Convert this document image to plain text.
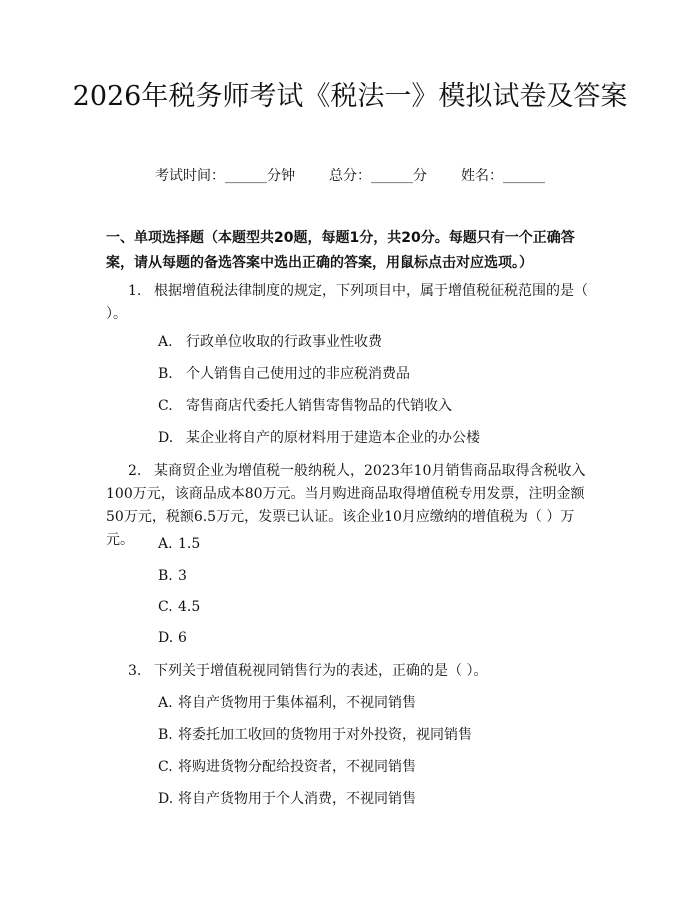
2026年税务师考试《税法一》模拟试卷及答案
考试时间：______分钟 总分：______分 姓名：______
一、单项选择题（本题型共20题，每题1分，共20分。每题只有一个正确答案，请从每题的备选答案中选出正确的答案，用鼠标点击对应选项。）
1. 根据增值税法律制度的规定，下列项目中，属于增值税征税范围的是（ ）。
A. 行政单位收取的行政事业性收费
B. 个人销售自己使用过的非应税消费品
C. 寄售商店代委托人销售寄售物品的代销收入
D. 某企业将自产的原材料用于建造本企业的办公楼
2. 某商贸企业为增值税一般纳税人，2023年10月销售商品取得含税收入100万元，该商品成本80万元。当月购进商品取得增值税专用发票，注明金额50万元，税额6.5万元，发票已认证。该企业10月应缴纳的增值税为（ ）万元。	A. 1.5
B. 3
C. 4.5
D. 6
3. 下列关于增值税视同销售行为的表述，正确的是（ ）。
A. 将自产货物用于集体福利，不视同销售
B. 将委托加工收回的货物用于对外投资，视同销售
C. 将购进货物分配给投资者，不视同销售
D. 将自产货物用于个人消费，不视同销售
